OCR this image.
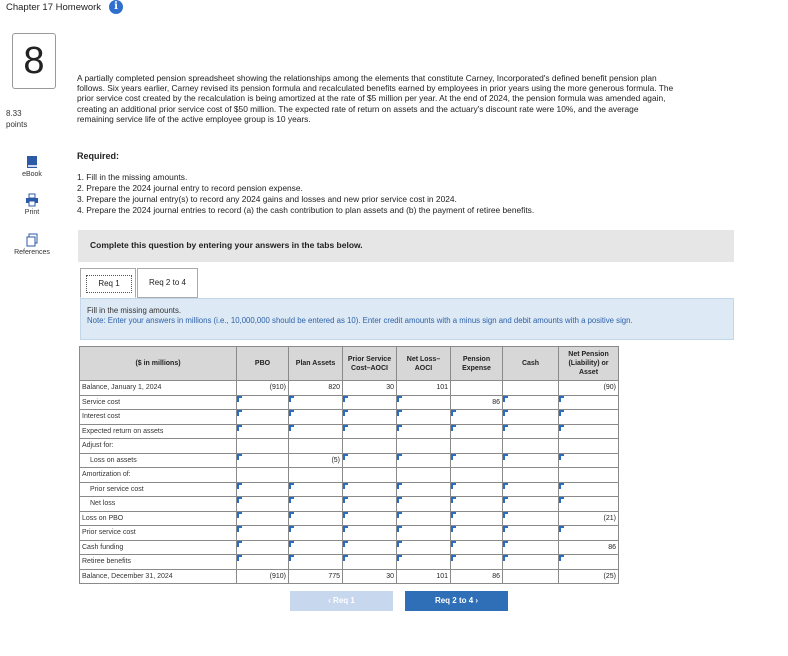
Chapter 17 Homework	i
8
8.33
points
eBook
Print
References
A partially completed pension spreadsheet showing the relationships among the elements that constitute Carney, Incorporated's defined benefit pension plan follows. Six years earlier, Carney revised its pension formula and recalculated benefits earned by employees in prior years using the more generous formula. The prior service cost created by the recalculation is being amortized at the rate of $5 million per year. At the end of 2024, the pension formula was amended again, creating an additional prior service cost of $50 million. The expected rate of return on assets and the actuary's discount rate were 10%, and the average remaining service life of the active employee group is 10 years.
Required:
1. Fill in the missing amounts.
2. Prepare the 2024 journal entry to record pension expense.
3. Prepare the journal entry(s) to record any 2024 gains and losses and new prior service cost in 2024.
4. Prepare the 2024 journal entries to record (a) the cash contribution to plan assets and (b) the payment of retiree benefits.
Complete this question by entering your answers in the tabs below.
Req 1	Req 2 to 4
Fill in the missing amounts.
Note: Enter your answers in millions (i.e., 10,000,000 should be entered as 10). Enter credit amounts with a minus sign and debit amounts with a positive sign.
($ in millions)	PBO	Plan Assets	Prior Service Cost–AOCI	Net Loss–AOCI	Pension Expense	Cash	Net Pension (Liability) or Asset
Balance, January 1, 2024	(910)	820	30	101			(90)
Service cost					86		
Interest cost							
Expected return on assets							
Adjust for:							
Loss on assets		(5)					
Amortization of:							
Prior service cost							
Net loss							
Loss on PBO							(21)
Prior service cost							
Cash funding							86
Retiree benefits							
Balance, December 31, 2024	(910)	775	30	101	86		(25)
‹ Req 1	Req 2 to 4 ›
